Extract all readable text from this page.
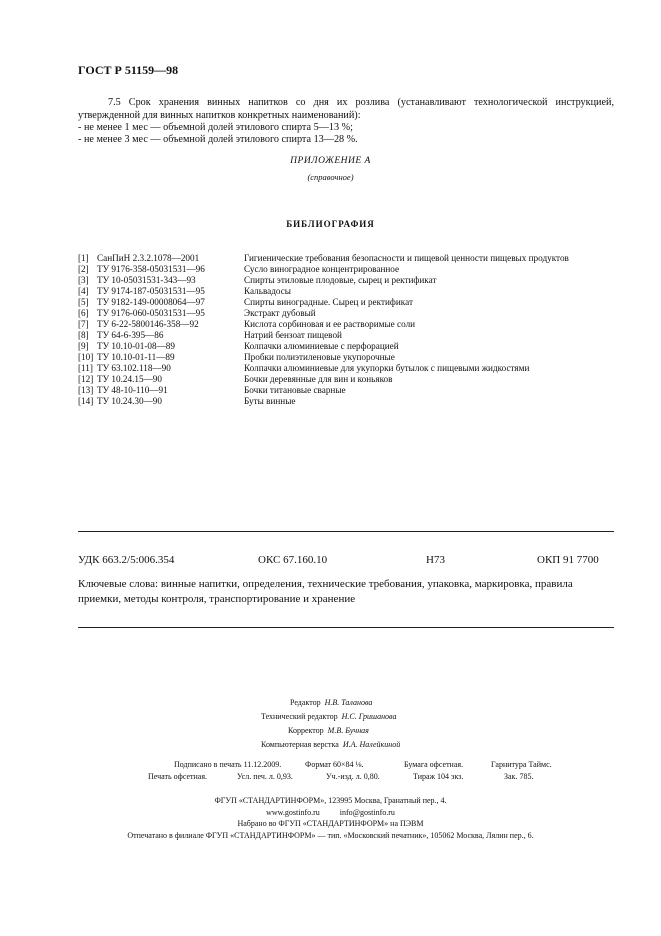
ГОСТ Р 51159—98
7.5 Срок хранения винных напитков со дня их розлива (устанавливают технологической инструкцией, утвержденной для винных напитков конкретных наименований):
- не менее 1 мес — объемной долей этилового спирта 5—13 %;
- не менее 3 мес — объемной долей этилового спирта 13—28 %.
ПРИЛОЖЕНИЕ А
(справочное)
БИБЛИОГРАФИЯ
[1] СанПиН 2.3.2.1078—2001	Гигиенические требования безопасности и пищевой ценности пищевых продуктов
[2] ТУ 9176-358-05031531—96	Сусло виноградное концентрированное
[3] ТУ 10-05031531-343—93	Спирты этиловые плодовые, сырец и ректификат
[4] ТУ 9174-187-05031531—95	Кальвадосы
[5] ТУ 9182-149-00008064—97	Спирты виноградные. Сырец и ректификат
[6] ТУ 9176-060-05031531—95	Экстракт дубовый
[7] ТУ 6-22-5800146-358—92	Кислота сорбиновая и ее растворимые соли
[8] ТУ 64-6-395—86	Натрий бензоат пищевой
[9] ТУ 10.10-01-08—89	Колпачки алюминиевые с перфорацией
[10] ТУ 10.10-01-11—89	Пробки полиэтиленовые укупорочные
[11] ТУ 63.102.118—90	Колпачки алюминиевые для укупорки бутылок с пищевыми жидкостями
[12] ТУ 10.24.15—90	Бочки деревянные для вин и коньяков
[13] ТУ 48-10-110—91	Бочки титановые сварные
[14] ТУ 10.24.30—90	Буты винные
УДК 663.2/5:006.354	ОКС 67.160.10	Н73	ОКП 91 7700
Ключевые слова: винные напитки, определения, технические требования, упаковка, маркировка, правила приемки, методы контроля, транспортирование и хранение
Редактор Н.В. Таланова
Технический редактор Н.С. Гришанова
Корректор М.В. Бучная
Компьютерная верстка И.А. Налейкиной
Подписано в печать 11.12.2009.	Формат 60×84 ⅛.	Бумага офсетная.	Гарнитура Таймс.
Печать офсетная.	Усл. печ. л. 0,93.	Уч.-изд. л. 0,80.	Тираж 104 экз.	Зак. 785.
ФГУП «СТАНДАРТИНФОРМ», 123995 Москва, Гранатный пер., 4.
www.gostinfo.ru          info@gostinfo.ru
Набрано во ФГУП «СТАНДАРТИНФОРМ» на ПЭВМ
Отпечатано в филиале ФГУП «СТАНДАРТИНФОРМ» — тип. «Московский печатник», 105062 Москва, Лялин пер., 6.
